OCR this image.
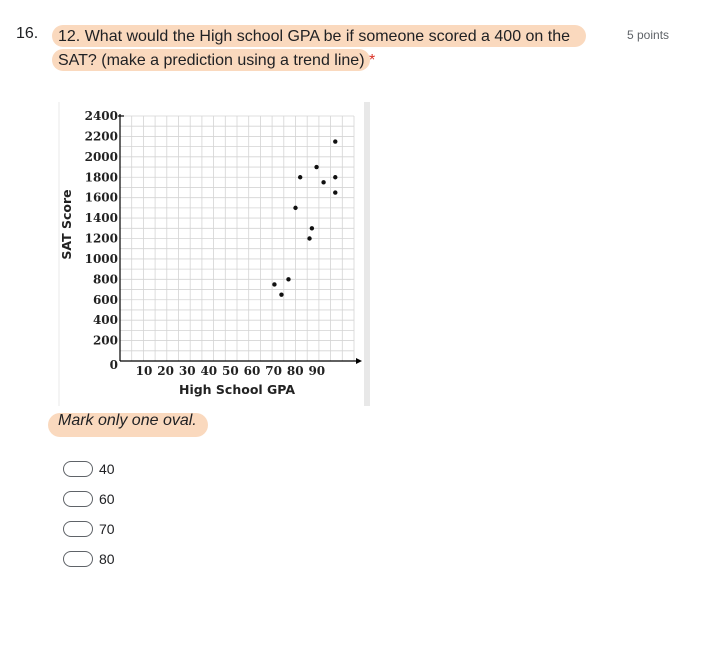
16. 12. What would the High school GPA be if someone scored a 400 on the
SAT? (make a prediction using a trend line) *
5 points
200
400
600
800
1000
1200
1400
1600
1800
2000
2200
2400
0 10 20 30 40 50 60 70 80 90
High School GPA
SAT Score
Mark only one oval.
40
60
70
80
